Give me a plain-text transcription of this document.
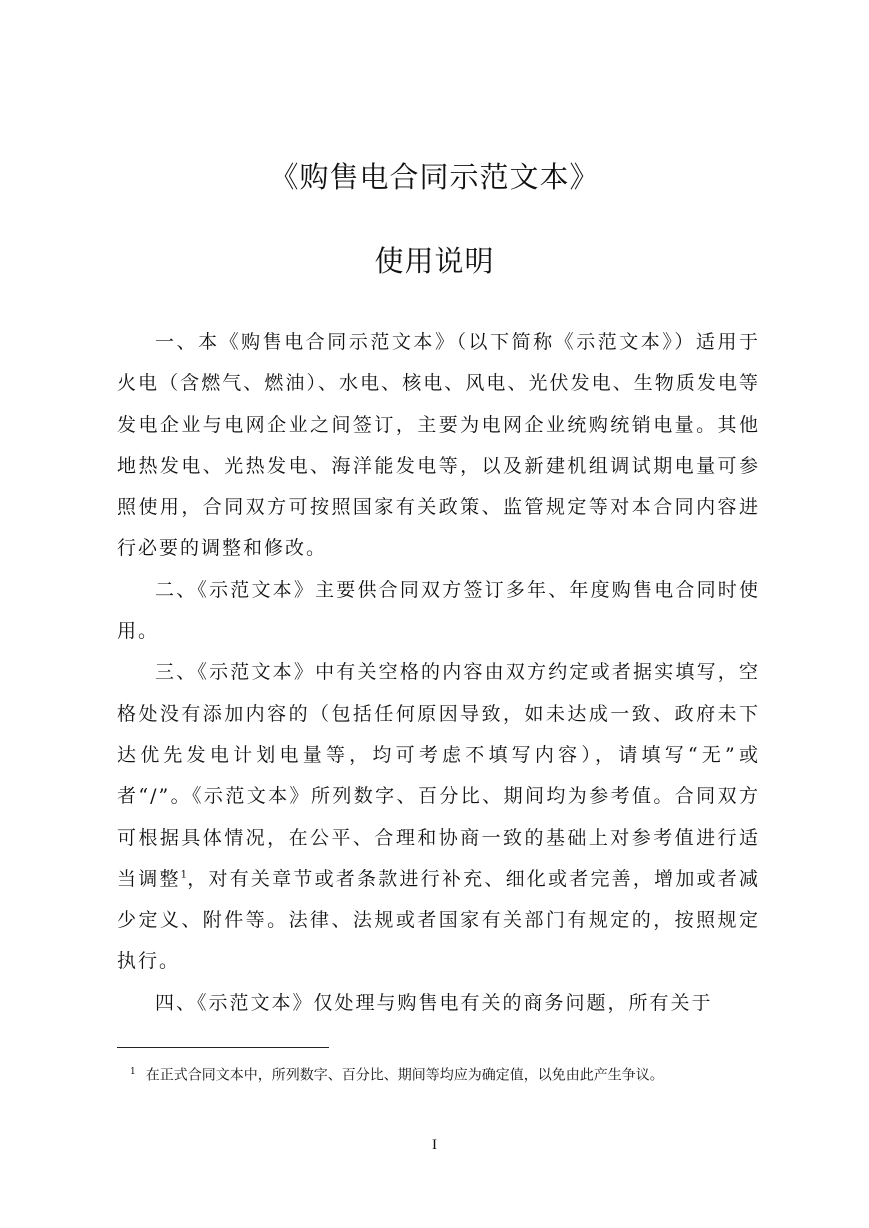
《购售电合同示范文本》
使用说明

一、本《购售电合同示范文本》（以下简称《示范文本》）适用于火电（含燃气、燃油）、水电、核电、风电、光伏发电、生物质发电等发电企业与电网企业之间签订，主要为电网企业统购统销电量。其他地热发电、光热发电、海洋能发电等，以及新建机组调试期电量可参照使用，合同双方可按照国家有关政策、监管规定等对本合同内容进行必要的调整和修改。

二、《示范文本》主要供合同双方签订多年、年度购售电合同时使用。

三、《示范文本》中有关空格的内容由双方约定或者据实填写，空格处没有添加内容的（包括任何原因导致，如未达成一致、政府未下达优先发电计划电量等，均可考虑不填写内容），请填写“无”或者“/”。《示范文本》所列数字、百分比、期间均为参考值。合同双方可根据具体情况，在公平、合理和协商一致的基础上对参考值进行适当调整$^1$，对有关章节或者条款进行补充、细化或者完善，增加或者减少定义、附件等。法律、法规或者国家有关部门有规定的，按照规定执行。

四、《示范文本》仅处理与购售电有关的商务问题，所有关于

$^1$ 在正式合同文本中，所列数字、百分比、期间等均应为确定值，以免由此产生争议。
I
